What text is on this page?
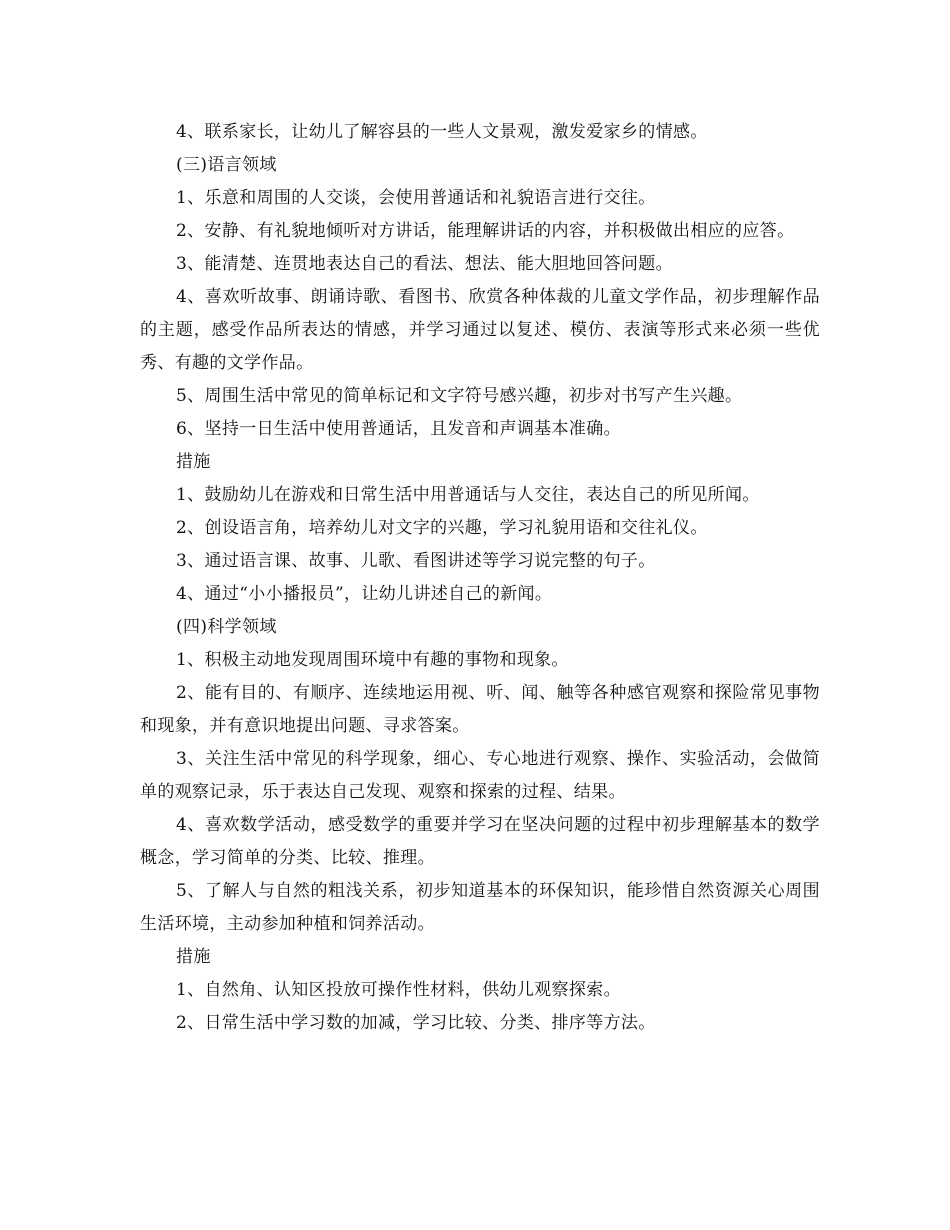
4、联系家长，让幼儿了解容县的一些人文景观，激发爱家乡的情感。

(三)语言领域

1、乐意和周围的人交谈，会使用普通话和礼貌语言进行交往。

2、安静、有礼貌地倾听对方讲话，能理解讲话的内容，并积极做出相应的应答。

3、能清楚、连贯地表达自己的看法、想法、能大胆地回答问题。

4、喜欢听故事、朗诵诗歌、看图书、欣赏各种体裁的儿童文学作品，初步理解作品的主题，感受作品所表达的情感，并学习通过以复述、模仿、表演等形式来必须一些优秀、有趣的文学作品。

5、周围生活中常见的简单标记和文字符号感兴趣，初步对书写产生兴趣。

6、坚持一日生活中使用普通话，且发音和声调基本准确。

措施

1、鼓励幼儿在游戏和日常生活中用普通话与人交往，表达自己的所见所闻。

2、创设语言角，培养幼儿对文字的兴趣，学习礼貌用语和交往礼仪。

3、通过语言课、故事、儿歌、看图讲述等学习说完整的句子。

4、通过“小小播报员”，让幼儿讲述自己的新闻。

(四)科学领域

1、积极主动地发现周围环境中有趣的事物和现象。

2、能有目的、有顺序、连续地运用视、听、闻、触等各种感官观察和探险常见事物和现象，并有意识地提出问题、寻求答案。

3、关注生活中常见的科学现象，细心、专心地进行观察、操作、实验活动，会做简单的观察记录，乐于表达自己发现、观察和探索的过程、结果。

4、喜欢数学活动，感受数学的重要并学习在坚决问题的过程中初步理解基本的数学概念，学习简单的分类、比较、推理。

5、了解人与自然的粗浅关系，初步知道基本的环保知识，能珍惜自然资源关心周围生活环境，主动参加种植和饲养活动。

措施

1、自然角、认知区投放可操作性材料，供幼儿观察探索。

2、日常生活中学习数的加减，学习比较、分类、排序等方法。
